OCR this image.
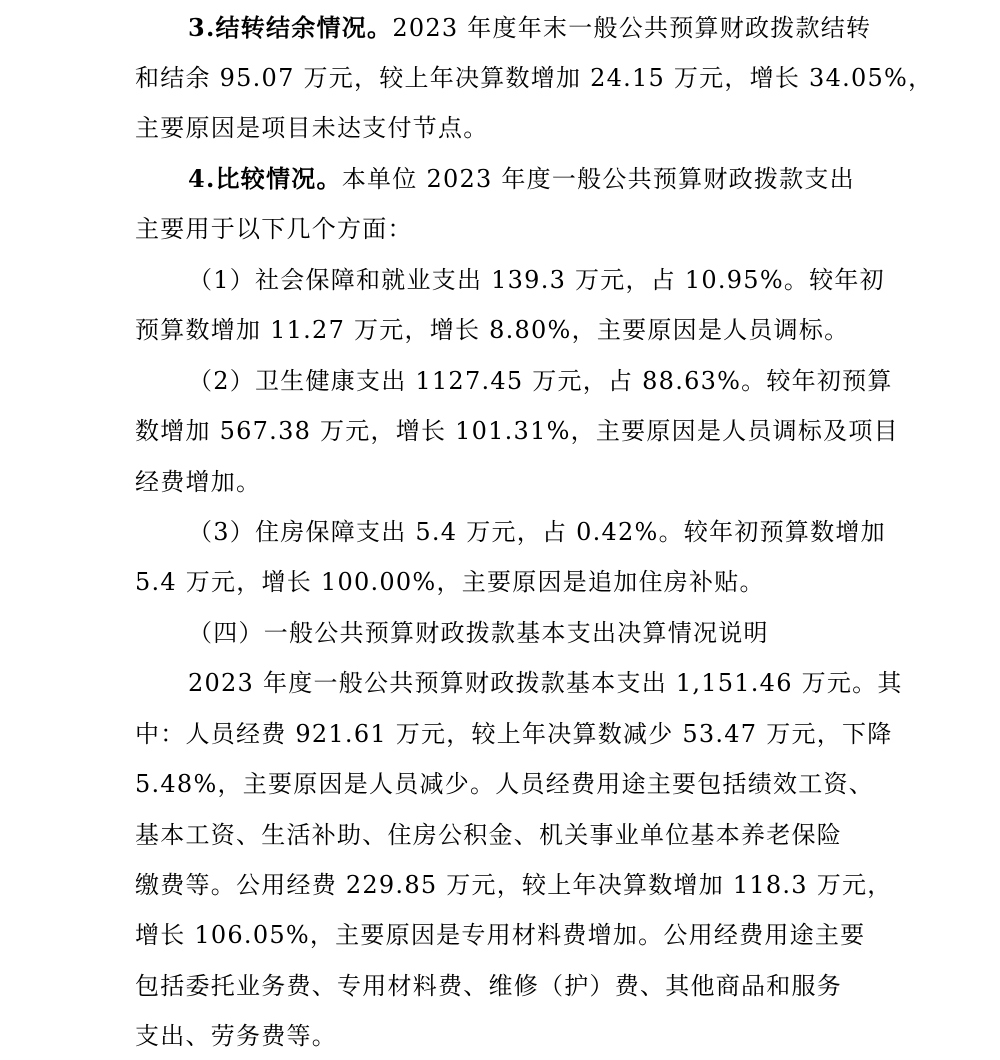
3.结转结余情况。2023 年度年末一般公共预算财政拨款结转
和结余 95.07 万元，较上年决算数增加 24.15 万元，增长 34.05%，
主要原因是项目未达支付节点。
4.比较情况。本单位 2023 年度一般公共预算财政拨款支出
主要用于以下几个方面：
（1）社会保障和就业支出 139.3 万元，占 10.95%。较年初
预算数增加 11.27 万元，增长 8.80%，主要原因是人员调标。
（2）卫生健康支出 1127.45 万元，占 88.63%。较年初预算
数增加 567.38 万元，增长 101.31%，主要原因是人员调标及项目
经费增加。
（3）住房保障支出 5.4 万元，占 0.42%。较年初预算数增加
5.4 万元，增长 100.00%，主要原因是追加住房补贴。
（四）一般公共预算财政拨款基本支出决算情况说明
2023 年度一般公共预算财政拨款基本支出 1,151.46 万元。其
中：人员经费 921.61 万元，较上年决算数减少 53.47 万元，下降
5.48%，主要原因是人员减少。人员经费用途主要包括绩效工资、
基本工资、生活补助、住房公积金、机关事业单位基本养老保险
缴费等。公用经费 229.85 万元，较上年决算数增加 118.3 万元，
增长 106.05%，主要原因是专用材料费增加。公用经费用途主要
包括委托业务费、专用材料费、维修（护）费、其他商品和服务
支出、劳务费等。
